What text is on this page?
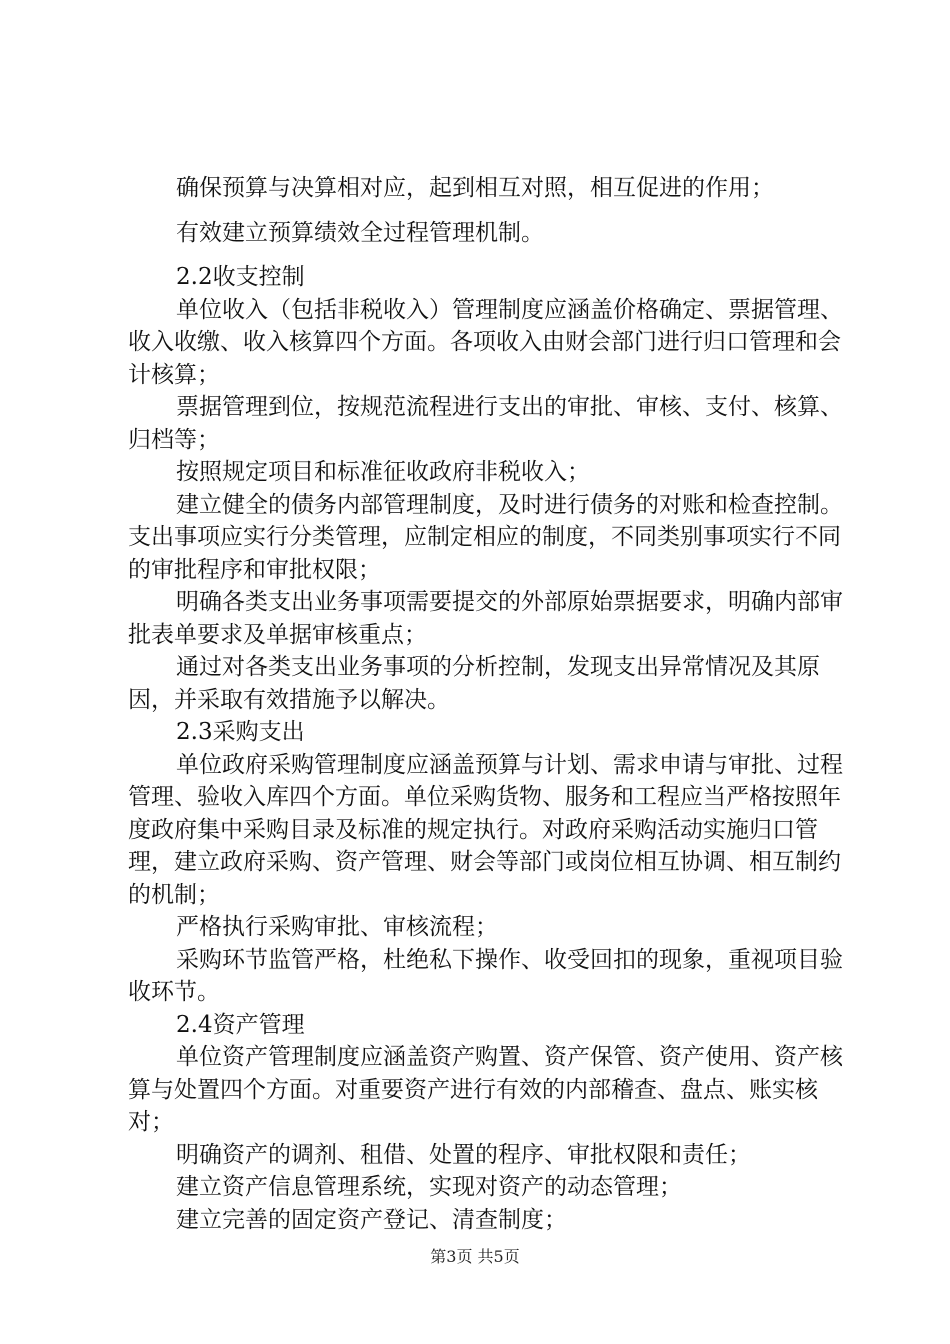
确保预算与决算相对应，起到相互对照，相互促进的作用；

有效建立预算绩效全过程管理机制。

2.2收支控制

单位收入（包括非税收入）管理制度应涵盖价格确定、票据管理、收入收缴、收入核算四个方面。各项收入由财会部门进行归口管理和会计核算；

票据管理到位，按规范流程进行支出的审批、审核、支付、核算、归档等；

按照规定项目和标准征收政府非税收入；

建立健全的债务内部管理制度，及时进行债务的对账和检查控制。支出事项应实行分类管理，应制定相应的制度，不同类别事项实行不同的审批程序和审批权限；

明确各类支出业务事项需要提交的外部原始票据要求，明确内部审批表单要求及单据审核重点；

通过对各类支出业务事项的分析控制，发现支出异常情况及其原因，并采取有效措施予以解决。

2.3采购支出

单位政府采购管理制度应涵盖预算与计划、需求申请与审批、过程管理、验收入库四个方面。单位采购货物、服务和工程应当严格按照年度政府集中采购目录及标准的规定执行。对政府采购活动实施归口管理，建立政府采购、资产管理、财会等部门或岗位相互协调、相互制约的机制；

严格执行采购审批、审核流程；

采购环节监管严格，杜绝私下操作、收受回扣的现象，重视项目验收环节。

2.4资产管理

单位资产管理制度应涵盖资产购置、资产保管、资产使用、资产核算与处置四个方面。对重要资产进行有效的内部稽查、盘点、账实核对；

明确资产的调剂、租借、处置的程序、审批权限和责任；

建立资产信息管理系统，实现对资产的动态管理；

建立完善的固定资产登记、清查制度；

第3页 共5页
